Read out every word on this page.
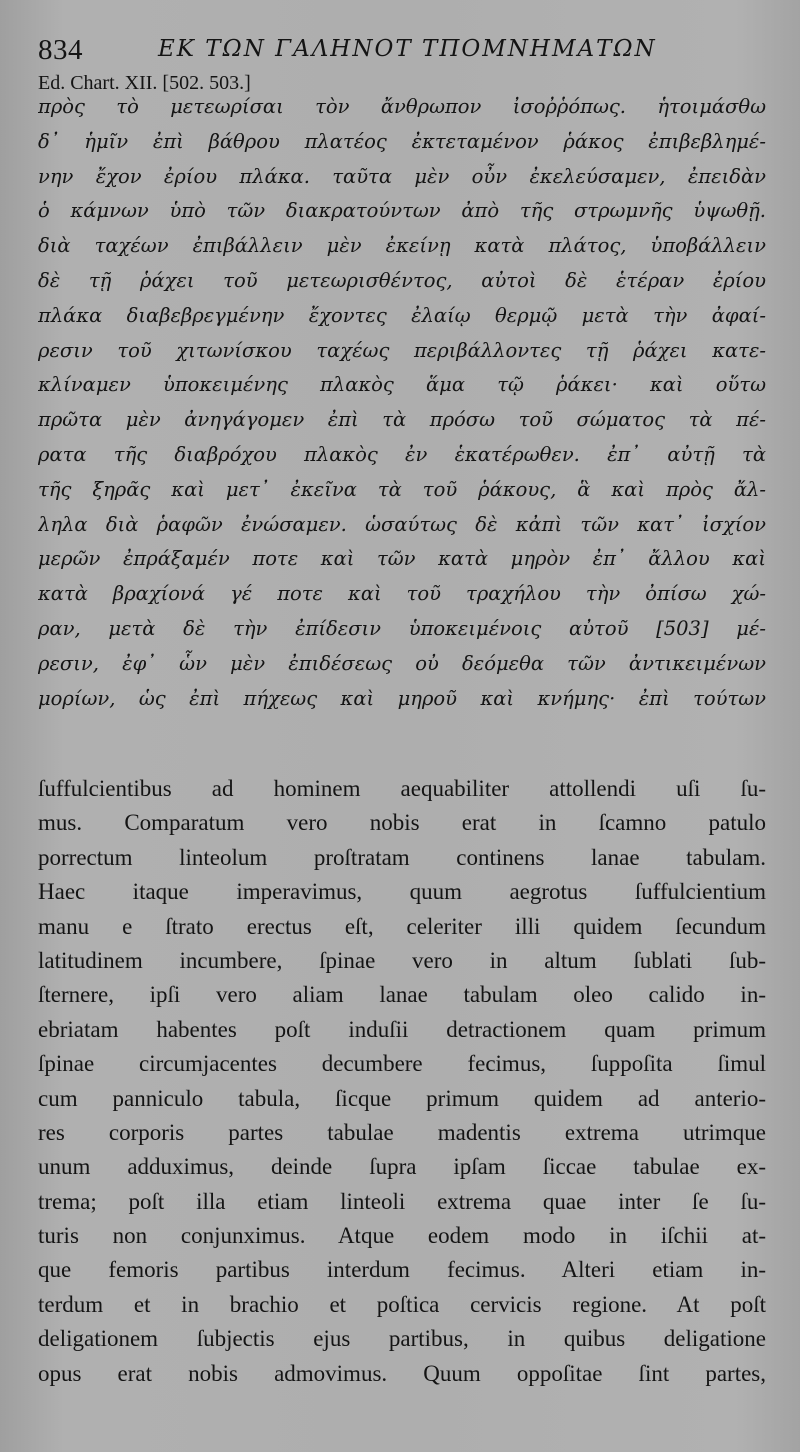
834	ΕΚ ΤΩΝ ΓΑΛΗΝΟΤ ΤΠΟΜΝΗΜΑΤΩΝ
Ed. Chart. XII. [502. 503.]
πρὸς τὸ μετεωρίσαι τὸν ἄνθρωπον ἰσοῤῥόπως. ἡτοιμάσθω
δ᾿ ἡμῖν ἐπὶ βάθρου πλατέος ἐκτεταμένον ῥάκος ἐπιβεβλημέ-
νην ἔχον ἐρίου πλάκα. ταῦτα μὲν οὖν ἐκελεύσαμεν, ἐπειδὰν
ὁ κάμνων ὑπὸ τῶν διακρατούντων ἀπὸ τῆς στρωμνῆς ὑψωθῇ.
διὰ ταχέων ἐπιβάλλειν μὲν ἐκείνῃ κατὰ πλάτος, ὑποβάλλειν
δὲ τῇ ῥάχει τοῦ μετεωρισθέντος, αὐτοὶ δὲ ἑτέραν ἐρίου
πλάκα διαβεβρεγμένην ἔχοντες ἐλαίῳ θερμῷ μετὰ τὴν ἀφαί-
ρεσιν τοῦ χιτωνίσκου ταχέως περιβάλλοντες τῇ ῥάχει κατε-
κλίναμεν ὑποκειμένης πλακὸς ἅμα τῷ ῥάκει· καὶ οὕτω
πρῶτα μὲν ἀνηγάγομεν ἐπὶ τὰ πρόσω τοῦ σώματος τὰ πέ-
ρατα τῆς διαβρόχου πλακὸς ἐν ἑκατέρωθεν. ἐπ᾿ αὐτῇ τὰ
τῆς ξηρᾶς καὶ μετ᾿ ἐκεῖνα τὰ τοῦ ῥάκους, ἃ καὶ πρὸς ἄλ-
ληλα διὰ ῥαφῶν ἐνώσαμεν. ὡσαύτως δὲ κἀπὶ τῶν κατ᾿ ἰσχίον
μερῶν ἐπράξαμέν ποτε καὶ τῶν κατὰ μηρὸν ἐπ᾿ ἄλλου καὶ
κατὰ βραχίονά γέ ποτε καὶ τοῦ τραχήλου τὴν ὀπίσω χώ-
ραν, μετὰ δὲ τὴν ἐπίδεσιν ὑποκειμένοις αὐτοῦ [503] μέ-
ρεσιν, ἐφ᾿ ὧν μὲν ἐπιδέσεως οὐ δεόμεθα τῶν ἀντικειμένων
μορίων, ὡς ἐπὶ πήχεως καὶ μηροῦ καὶ κνήμης· ἐπὶ τούτων
ſuffulcientibus ad hominem aequabiliter attollendi uſi ſu-
mus. Comparatum vero nobis erat in ſcamno patulo
porrectum linteolum proſtratam continens lanae tabulam.
Haec itaque imperavimus, quum aegrotus ſuffulcientium
manu e ſtrato erectus eſt, celeriter illi quidem ſecundum
latitudinem incumbere, ſpinae vero in altum ſublati ſub-
ſternere, ipſi vero aliam lanae tabulam oleo calido in-
ebriatam habentes poſt induſii detractionem quam primum
ſpinae circumjacentes decumbere fecimus, ſuppoſita ſimul
cum panniculo tabula, ſicque primum quidem ad anterio-
res corporis partes tabulae madentis extrema utrimque
unum adduximus, deinde ſupra ipſam ſiccae tabulae ex-
trema; poſt illa etiam linteoli extrema quae inter ſe ſu-
turis non conjunximus. Atque eodem modo in iſchii at-
que femoris partibus interdum fecimus. Alteri etiam in-
terdum et in brachio et poſtica cervicis regione. At poſt
deligationem ſubjectis ejus partibus, in quibus deligatione
opus erat nobis admovimus. Quum oppoſitae ſint partes,
